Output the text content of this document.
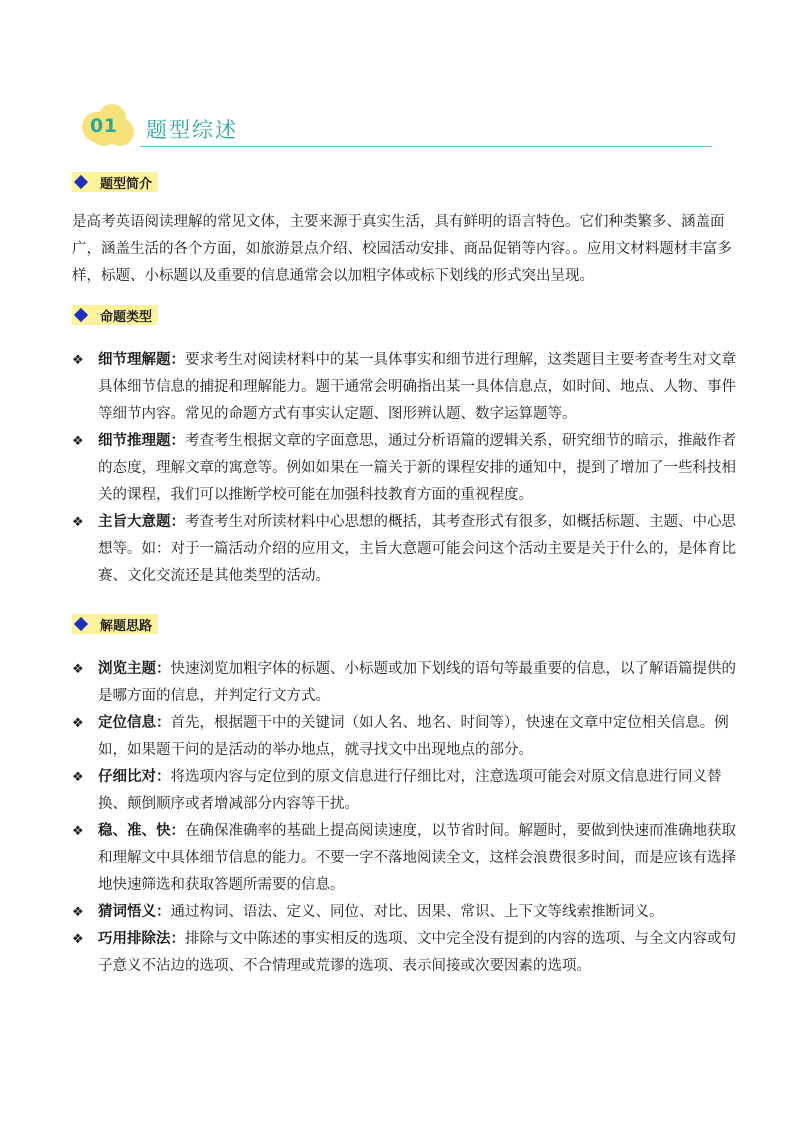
01 题型综述
题型简介
是高考英语阅读理解的常见文体，主要来源于真实生活，具有鲜明的语言特色。它们种类繁多、涵盖面广，涵盖生活的各个方面，如旅游景点介绍、校园活动安排、商品促销等内容。。应用文材料题材丰富多样，标题、小标题以及重要的信息通常会以加粗字体或标下划线的形式突出呈现。
命题类型
❖ 细节理解题：要求考生对阅读材料中的某一具体事实和细节进行理解，这类题目主要考查考生对文章具体细节信息的捕捉和理解能力。题干通常会明确指出某一具体信息点，如时间、地点、人物、事件等细节内容。常见的命题方式有事实认定题、图形辨认题、数字运算题等。
❖ 细节推理题：考查考生根据文章的字面意思，通过分析语篇的逻辑关系，研究细节的暗示，推敲作者的态度，理解文章的寓意等。例如如果在一篇关于新的课程安排的通知中，提到了增加了一些科技相关的课程，我们可以推断学校可能在加强科技教育方面的重视程度。
❖ 主旨大意题：考查考生对所读材料中心思想的概括，其考查形式有很多，如概括标题、主题、中心思想等。如：对于一篇活动介绍的应用文，主旨大意题可能会问这个活动主要是关于什么的，是体育比赛、文化交流还是其他类型的活动。
解题思路
❖ 浏览主题：快速浏览加粗字体的标题、小标题或加下划线的语句等最重要的信息，以了解语篇提供的是哪方面的信息，并判定行文方式。
❖ 定位信息：首先，根据题干中的关键词（如人名、地名、时间等），快速在文章中定位相关信息。例如，如果题干问的是活动的举办地点，就寻找文中出现地点的部分。
❖ 仔细比对：将选项内容与定位到的原文信息进行仔细比对，注意选项可能会对原文信息进行同义替换、颠倒顺序或者增减部分内容等干扰。
❖ 稳、准、快：在确保准确率的基础上提高阅读速度，以节省时间。解题时，要做到快速而准确地获取和理解文中具体细节信息的能力。不要一字不落地阅读全文，这样会浪费很多时间，而是应该有选择地快速筛选和获取答题所需要的信息。
❖ 猜词悟义：通过构词、语法、定义、同位、对比、因果、常识、上下文等线索推断词义。
❖ 巧用排除法：排除与文中陈述的事实相反的选项、文中完全没有提到的内容的选项、与全文内容或句子意义不沾边的选项、不合情理或荒谬的选项、表示间接或次要因素的选项。
